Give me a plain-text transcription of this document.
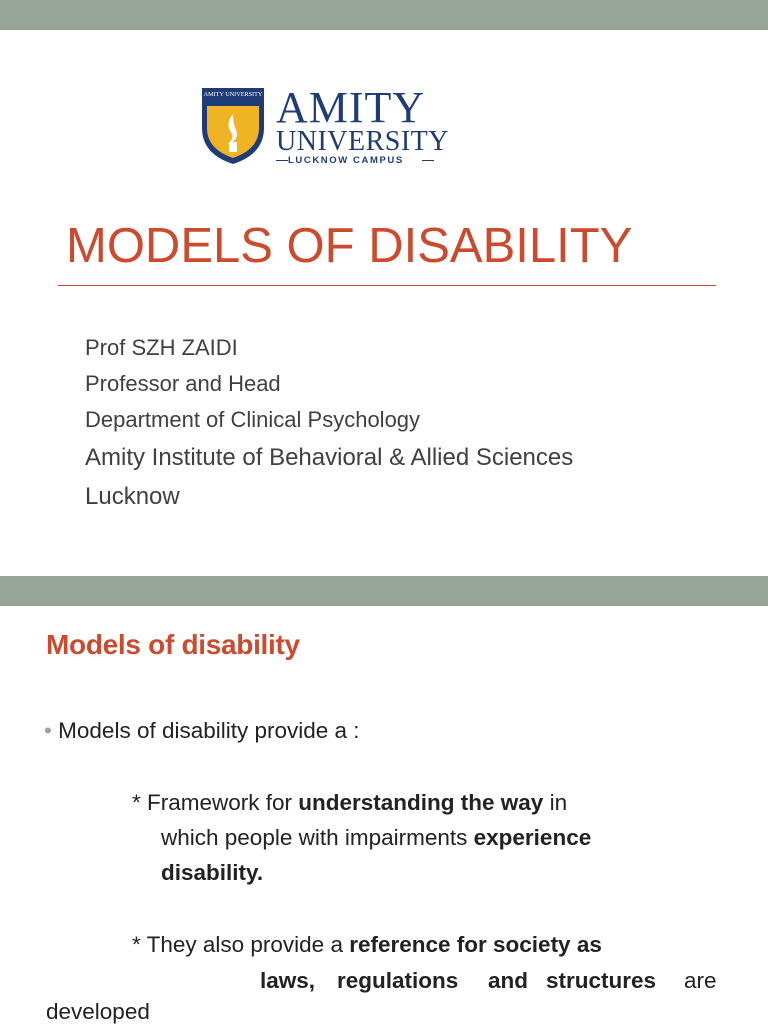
AMITY UNIVERSITY AMITY
UNIVERSITY
LUCKNOW CAMPUS
MODELS OF DISABILITY
Prof SZH ZAIDI
Professor and Head
Department of Clinical Psychology
Amity Institute of Behavioral & Allied Sciences
Lucknow
Models of disability
• Models of disability provide a :
* Framework for understanding the way in
which people with impairments experience
disability.
* They also provide a reference for society as
laws, regulations and structures are
developed
